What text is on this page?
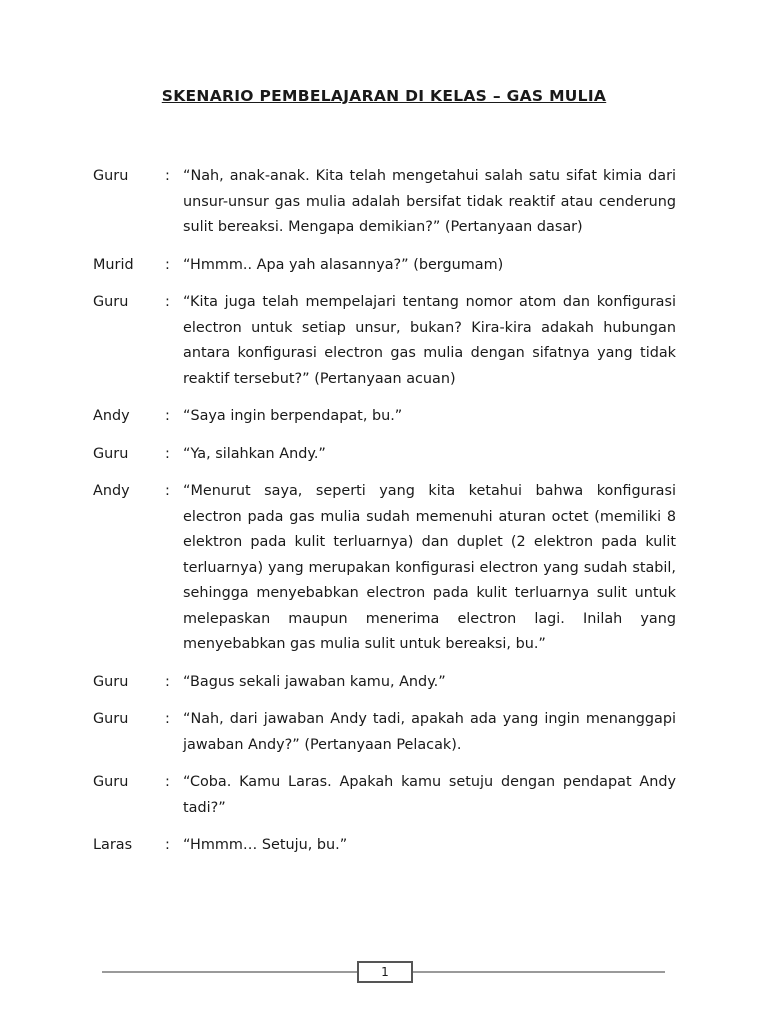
SKENARIO PEMBELAJARAN DI KELAS – GAS MULIA
Guru	: “Nah, anak-anak. Kita telah mengetahui salah satu sifat kimia dari unsur-unsur gas mulia adalah bersifat tidak reaktif atau cenderung sulit bereaksi. Mengapa demikian?” (Pertanyaan dasar)
Murid	: “Hmmm.. Apa yah alasannya?” (bergumam)
Guru	: “Kita juga telah mempelajari tentang nomor atom dan konfigurasi electron untuk setiap unsur, bukan? Kira-kira adakah hubungan antara konfigurasi electron gas mulia dengan sifatnya yang tidak reaktif tersebut?” (Pertanyaan acuan)
Andy	: “Saya ingin berpendapat, bu.”
Guru	: “Ya, silahkan Andy.”
Andy	: “Menurut saya, seperti yang kita ketahui bahwa konfigurasi electron pada gas mulia sudah memenuhi aturan octet (memiliki 8 elektron pada kulit terluarnya) dan duplet (2 elektron pada kulit terluarnya) yang merupakan konfigurasi electron yang sudah stabil, sehingga menyebabkan electron pada kulit terluarnya sulit untuk melepaskan maupun menerima electron lagi. Inilah yang menyebabkan gas mulia sulit untuk bereaksi, bu.”
Guru	: “Bagus sekali jawaban kamu, Andy.”
Guru	: “Nah, dari jawaban Andy tadi, apakah ada yang ingin menanggapi jawaban Andy?” (Pertanyaan Pelacak).
Guru	: “Coba. Kamu Laras. Apakah kamu setuju dengan pendapat Andy tadi?”
Laras	: “Hmmm… Setuju, bu.”
1
